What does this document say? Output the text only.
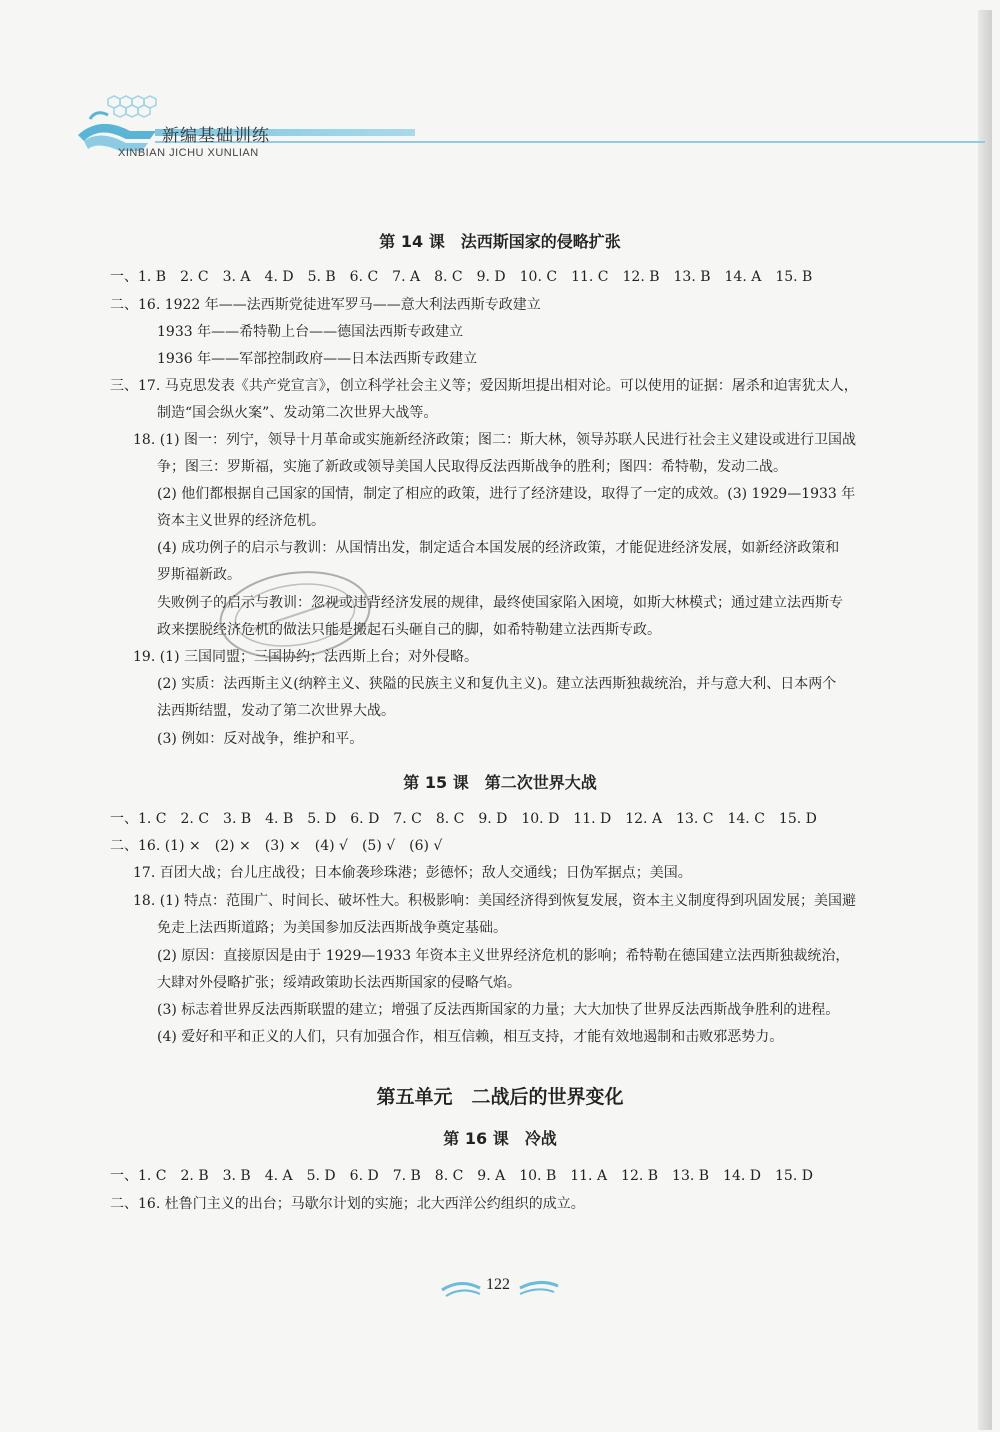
新编基础训练
XINBIAN JICHU XUNLIAN
第 14 课　法西斯国家的侵略扩张
一、1. B　2. C　3. A　4. D　5. B　6. C　7. A　8. C　9. D　10. C　11. C　12. B　13. B　14. A　15. B
二、16. 1922 年——法西斯党徒进军罗马——意大利法西斯专政建立
1933 年——希特勒上台——德国法西斯专政建立
1936 年——军部控制政府——日本法西斯专政建立
三、17. 马克思发表《共产党宣言》，创立科学社会主义等；爱因斯坦提出相对论。可以使用的证据：屠杀和迫害犹太人，
制造“国会纵火案”、发动第二次世界大战等。
18. (1) 图一：列宁，领导十月革命或实施新经济政策；图二：斯大林，领导苏联人民进行社会主义建设或进行卫国战
争；图三：罗斯福，实施了新政或领导美国人民取得反法西斯战争的胜利；图四：希特勒，发动二战。
(2) 他们都根据自己国家的国情，制定了相应的政策，进行了经济建设，取得了一定的成效。(3) 1929—1933 年
资本主义世界的经济危机。
(4) 成功例子的启示与教训：从国情出发，制定适合本国发展的经济政策，才能促进经济发展，如新经济政策和
罗斯福新政。
失败例子的启示与教训：忽视或违背经济发展的规律，最终使国家陷入困境，如斯大林模式；通过建立法西斯专
政来摆脱经济危机的做法只能是搬起石头砸自己的脚，如希特勒建立法西斯专政。
19. (1) 三国同盟；三国协约；法西斯上台；对外侵略。
(2) 实质：法西斯主义(纳粹主义、狭隘的民族主义和复仇主义)。建立法西斯独裁统治，并与意大利、日本两个
法西斯结盟，发动了第二次世界大战。
(3) 例如：反对战争，维护和平。
第 15 课　第二次世界大战
一、1. C　2. C　3. B　4. B　5. D　6. D　7. C　8. C　9. D　10. D　11. D　12. A　13. C　14. C　15. D
二、16. (1) ×　(2) ×　(3) ×　(4) √　(5) √　(6) √
17. 百团大战；台儿庄战役；日本偷袭珍珠港；彭德怀；敌人交通线；日伪军据点；美国。
18. (1) 特点：范围广、时间长、破坏性大。积极影响：美国经济得到恢复发展，资本主义制度得到巩固发展；美国避
免走上法西斯道路；为美国参加反法西斯战争奠定基础。
(2) 原因：直接原因是由于 1929—1933 年资本主义世界经济危机的影响；希特勒在德国建立法西斯独裁统治，
大肆对外侵略扩张；绥靖政策助长法西斯国家的侵略气焰。
(3) 标志着世界反法西斯联盟的建立；增强了反法西斯国家的力量；大大加快了世界反法西斯战争胜利的进程。
(4) 爱好和平和正义的人们，只有加强合作，相互信赖，相互支持，才能有效地遏制和击败邪恶势力。
第五单元　二战后的世界变化
第 16 课　冷战
一、1. C　2. B　3. B　4. A　5. D　6. D　7. B　8. C　9. A　10. B　11. A　12. B　13. B　14. D　15. D
二、16. 杜鲁门主义的出台；马歇尔计划的实施；北大西洋公约组织的成立。
122
